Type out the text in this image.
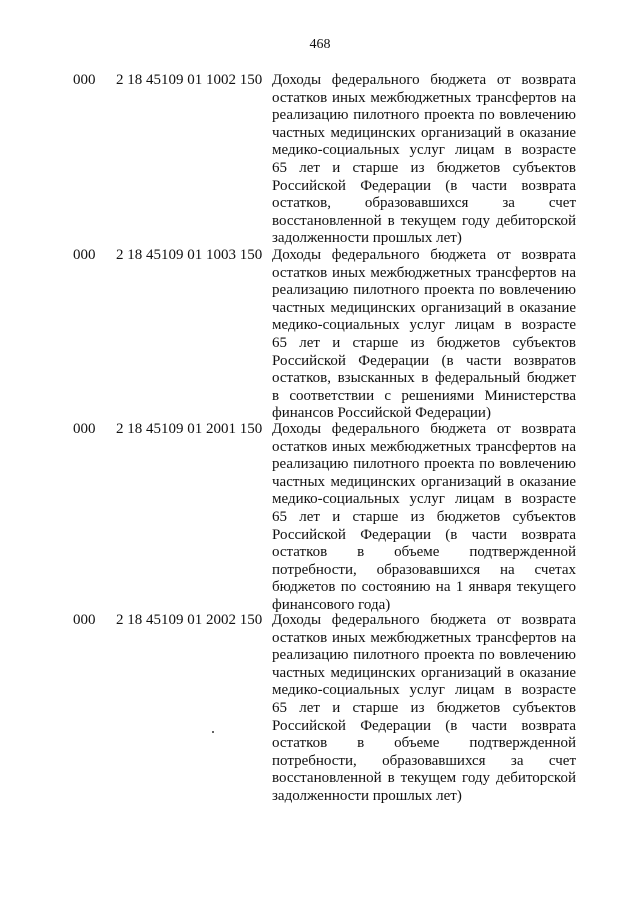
468
000 2 18 45109 01 1002 150 Доходы федерального бюджета от возврата
остатков иных межбюджетных трансфертов на
реализацию пилотного проекта по вовлечению
частных медицинских организаций в оказание
медико-социальных услуг лицам в возрасте
65 лет и старше из бюджетов субъектов
Российской Федерации (в части возврата
остатков, образовавшихся за счет
восстановленной в текущем году дебиторской
задолженности прошлых лет)
000 2 18 45109 01 1003 150 Доходы федерального бюджета от возврата
остатков иных межбюджетных трансфертов на
реализацию пилотного проекта по вовлечению
частных медицинских организаций в оказание
медико-социальных услуг лицам в возрасте
65 лет и старше из бюджетов субъектов
Российской Федерации (в части возвратов
остатков, взысканных в федеральный бюджет
в соответствии с решениями Министерства
финансов Российской Федерации)
000 2 18 45109 01 2001 150 Доходы федерального бюджета от возврата
остатков иных межбюджетных трансфертов на
реализацию пилотного проекта по вовлечению
частных медицинских организаций в оказание
медико-социальных услуг лицам в возрасте
65 лет и старше из бюджетов субъектов
Российской Федерации (в части возврата
остатков в объеме подтвержденной
потребности, образовавшихся на счетах
бюджетов по состоянию на 1 января текущего
финансового года)
000 2 18 45109 01 2002 150 Доходы федерального бюджета от возврата
остатков иных межбюджетных трансфертов на
реализацию пилотного проекта по вовлечению
частных медицинских организаций в оказание
медико-социальных услуг лицам в возрасте
65 лет и старше из бюджетов субъектов
Российской Федерации (в части возврата
остатков в объеме подтвержденной
потребности, образовавшихся за счет
восстановленной в текущем году дебиторской
задолженности прошлых лет)
